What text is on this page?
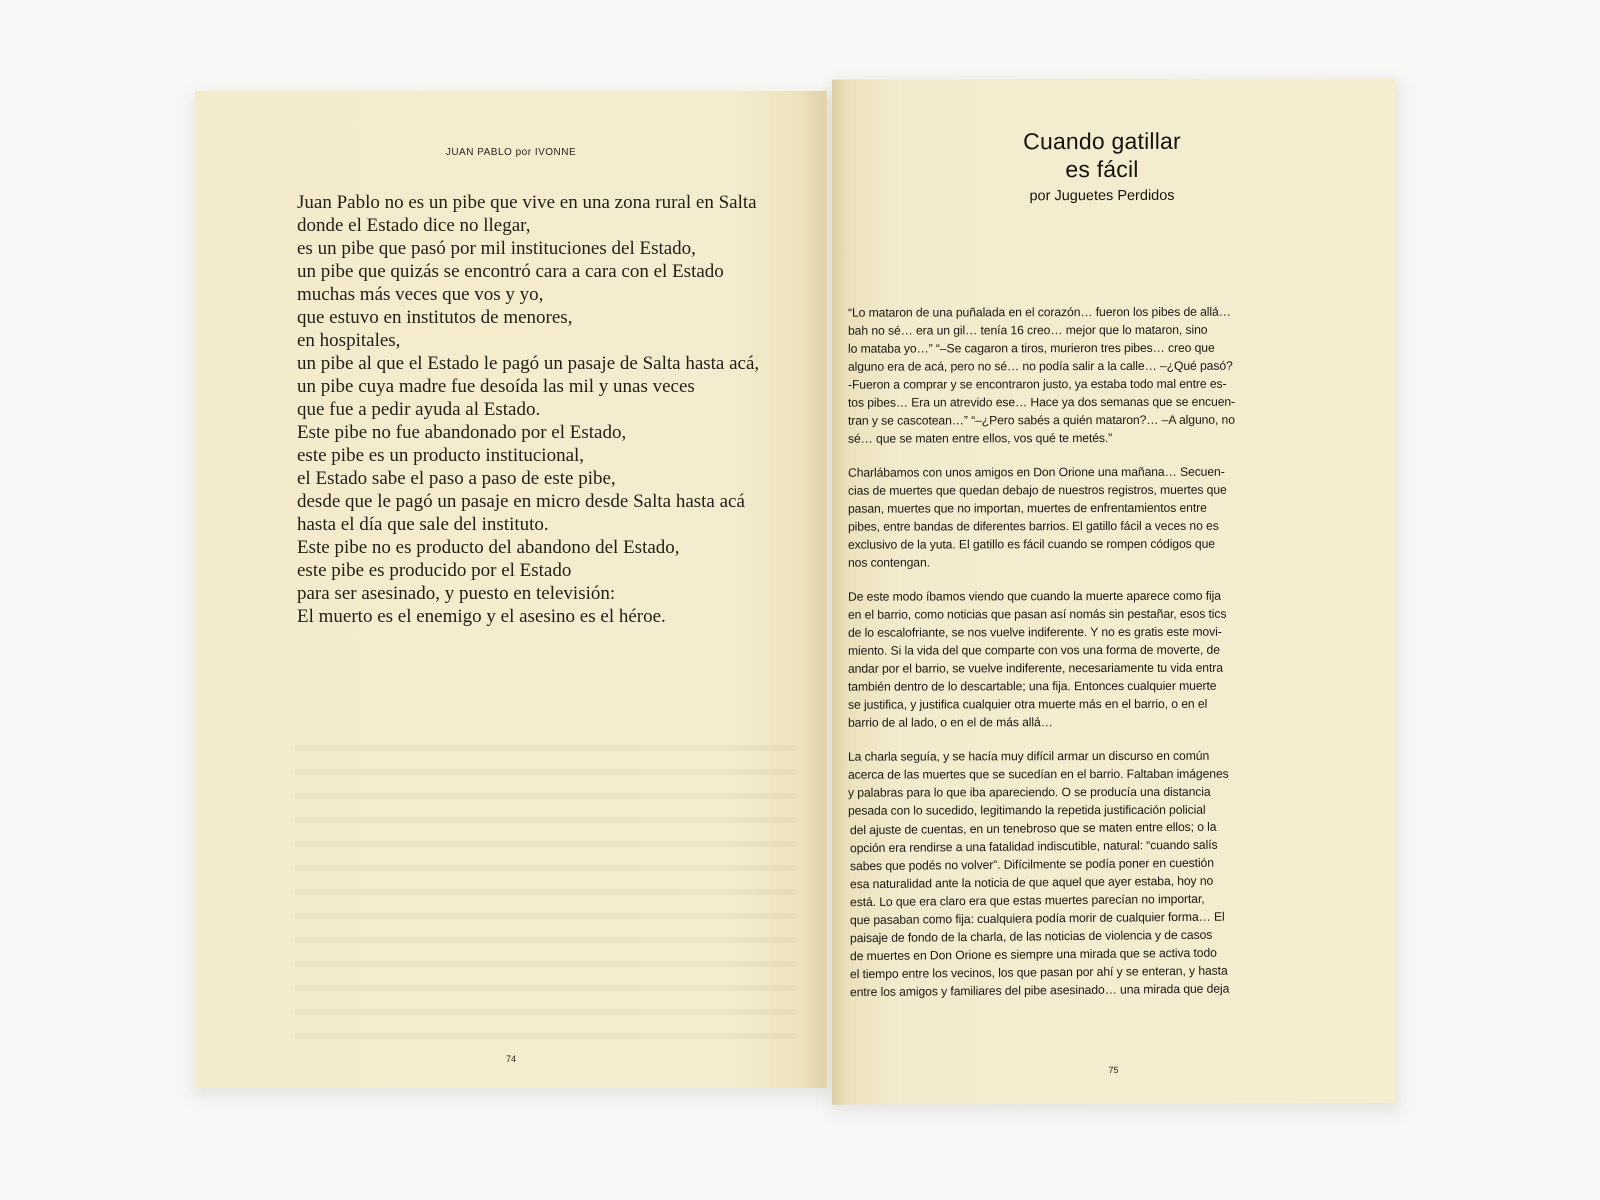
JUAN PABLO por IVONNE
Juan Pablo no es un pibe que vive en una zona rural en Salta
donde el Estado dice no llegar,
es un pibe que pasó por mil instituciones del Estado,
un pibe que quizás se encontró cara a cara con el Estado
muchas más veces que vos y yo,
que estuvo en institutos de menores,
en hospitales,
un pibe al que el Estado le pagó un pasaje de Salta hasta acá,
un pibe cuya madre fue desoída las mil y unas veces
que fue a pedir ayuda al Estado.
Este pibe no fue abandonado por el Estado,
este pibe es un producto institucional,
el Estado sabe el paso a paso de este pibe,
desde que le pagó un pasaje en micro desde Salta hasta acá
hasta el día que sale del instituto.
Este pibe no es producto del abandono del Estado,
este pibe es producido por el Estado
para ser asesinado, y puesto en televisión:
El muerto es el enemigo y el asesino es el héroe.
74
Cuando gatillar
es fácil
por Juguetes Perdidos
“Lo mataron de una puñalada en el corazón… fueron los pibes de allá…
bah no sé… era un gil… tenía 16 creo… mejor que lo mataron, sino
lo mataba yo…” “–Se cagaron a tiros, murieron tres pibes… creo que
alguno era de acá, pero no sé… no podía salir a la calle… –¿Qué pasó?
-Fueron a comprar y se encontraron justo, ya estaba todo mal entre es-
tos pibes… Era un atrevido ese… Hace ya dos semanas que se encuen-
tran y se cascotean…” “–¿Pero sabés a quién mataron?… –A alguno, no
sé… que se maten entre ellos, vos qué te metés.”
Charlábamos con unos amigos en Don Orione una mañana… Secuen-
cias de muertes que quedan debajo de nuestros registros, muertes que
pasan, muertes que no importan, muertes de enfrentamientos entre
pibes, entre bandas de diferentes barrios. El gatillo fácil a veces no es
exclusivo de la yuta. El gatillo es fácil cuando se rompen códigos que
nos contengan.
De este modo íbamos viendo que cuando la muerte aparece como fija
en el barrio, como noticias que pasan así nomás sin pestañar, esos tics
de lo escalofriante, se nos vuelve indiferente. Y no es gratis este movi-
miento. Si la vida del que comparte con vos una forma de moverte, de
andar por el barrio, se vuelve indiferente, necesariamente tu vida entra
también dentro de lo descartable; una fija. Entonces cualquier muerte
se justifica, y justifica cualquier otra muerte más en el barrio, o en el
barrio de al lado, o en el de más allá…
La charla seguía, y se hacía muy difícil armar un discurso en común
acerca de las muertes que se sucedían en el barrio. Faltaban imágenes
y palabras para lo que iba apareciendo. O se producía una distancia
pesada con lo sucedido, legitimando la repetida justificación policial
del ajuste de cuentas, en un tenebroso que se maten entre ellos; o la
opción era rendirse a una fatalidad indiscutible, natural: “cuando salís
sabes que podés no volver”. Difícilmente se podía poner en cuestión
esa naturalidad ante la noticia de que aquel que ayer estaba, hoy no
está. Lo que era claro era que estas muertes parecían no importar,
que pasaban como fija: cualquiera podía morir de cualquier forma… El
paisaje de fondo de la charla, de las noticias de violencia y de casos
de muertes en Don Orione es siempre una mirada que se activa todo
el tiempo entre los vecinos, los que pasan por ahí y se enteran, y hasta
entre los amigos y familiares del pibe asesinado… una mirada que deja
75
